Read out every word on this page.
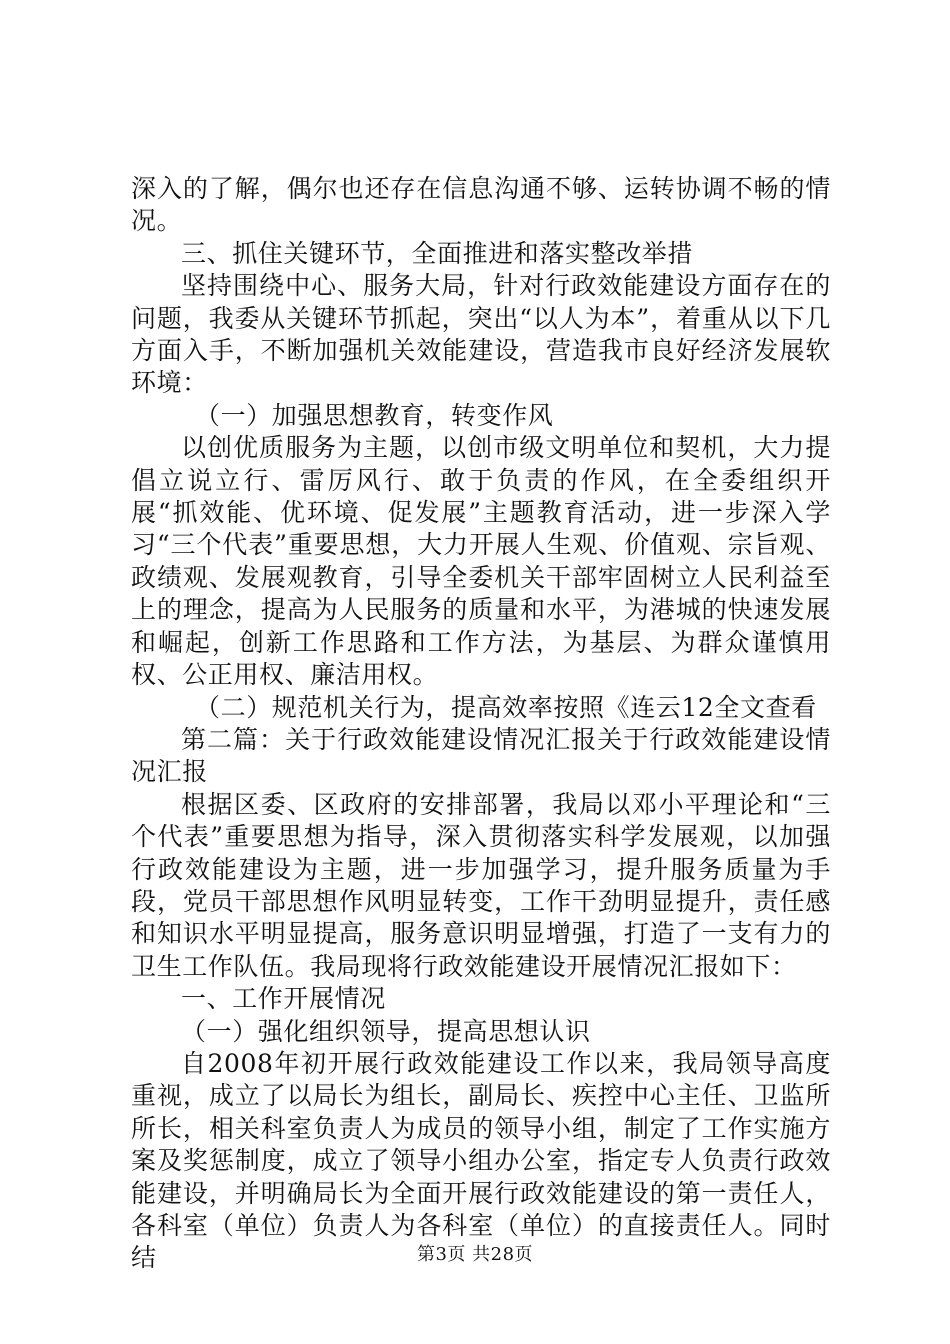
深入的了解，偶尔也还存在信息沟通不够、运转协调不畅的情况。

三、抓住关键环节，全面推进和落实整改举措

坚持围绕中心、服务大局，针对行政效能建设方面存在的问题，我委从关键环节抓起，突出“以人为本”，着重从以下几方面入手，不断加强机关效能建设，营造我市良好经济发展软环境：

（一）加强思想教育，转变作风

以创优质服务为主题，以创市级文明单位和契机，大力提倡立说立行、雷厉风行、敢于负责的作风，在全委组织开展“抓效能、优环境、促发展”主题教育活动，进一步深入学习“三个代表”重要思想，大力开展人生观、价值观、宗旨观、政绩观、发展观教育，引导全委机关干部牢固树立人民利益至上的理念，提高为人民服务的质量和水平，为港城的快速发展和崛起，创新工作思路和工作方法，为基层、为群众谨慎用权、公正用权、廉洁用权。

（二）规范机关行为，提高效率按照《连云12全文查看

第二篇：关于行政效能建设情况汇报关于行政效能建设情况汇报

根据区委、区政府的安排部署，我局以邓小平理论和“三个代表”重要思想为指导，深入贯彻落实科学发展观，以加强行政效能建设为主题，进一步加强学习，提升服务质量为手段，党员干部思想作风明显转变，工作干劲明显提升，责任感和知识水平明显提高，服务意识明显增强，打造了一支有力的卫生工作队伍。我局现将行政效能建设开展情况汇报如下：

一、工作开展情况

（一）强化组织领导，提高思想认识

自2008年初开展行政效能建设工作以来，我局领导高度重视，成立了以局长为组长，副局长、疾控中心主任、卫监所所长，相关科室负责人为成员的领导小组，制定了工作实施方案及奖惩制度，成立了领导小组办公室，指定专人负责行政效能建设，并明确局长为全面开展行政效能建设的第一责任人，各科室（单位）负责人为各科室（单位）的直接责任人。同时结	第3页 共28页
